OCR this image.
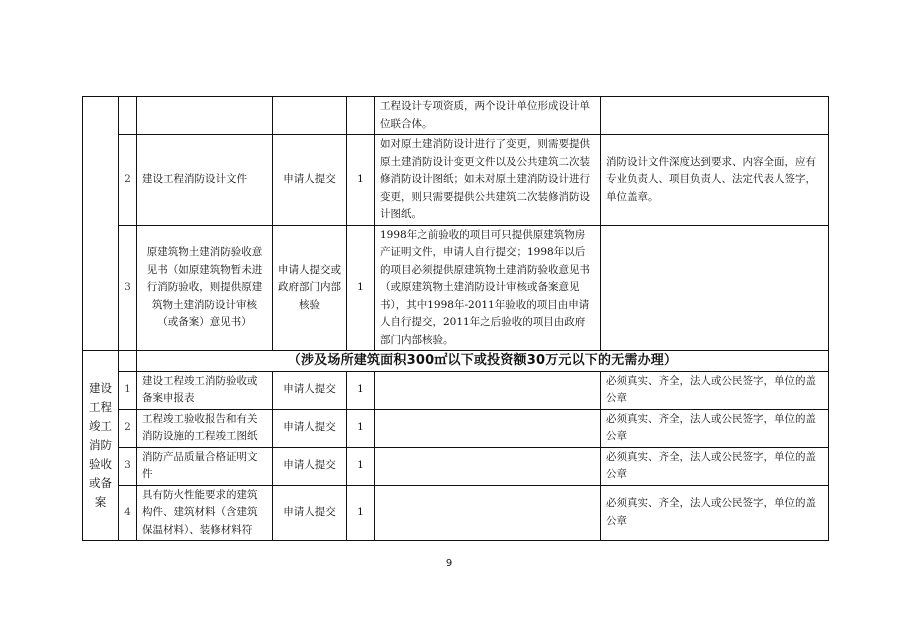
					工程设计专项资质，两个设计单位形成设计单位联合体。	
	2	建设工程消防设计文件	申请人提交	1	如对原土建消防设计进行了变更，则需要提供原土建消防设计变更文件以及公共建筑二次装修消防设计图纸；如未对原土建消防设计进行变更，则只需要提供公共建筑二次装修消防设计图纸。	消防设计文件深度达到要求、内容全面，应有专业负责人、项目负责人、法定代表人签字，单位盖章。
	3	原建筑物土建消防验收意见书（如原建筑物暂未进行消防验收，则提供原建筑物土建消防设计审核（或备案）意见书）	申请人提交或政府部门内部核验	1	1998年之前验收的项目可只提供原建筑物房产证明文件，申请人自行提交；1998年以后的项目必须提供原建筑物土建消防验收意见书（或原建筑物土建消防设计审核或备案意见书），其中1998年-2011年验收的项目由申请人自行提交，2011年之后验收的项目由政府部门内部核验。	
建设工程竣工消防验收或备案		（涉及场所建筑面积300㎡以下或投资额30万元以下的无需办理）				
	1	建设工程竣工消防验收或备案申报表	申请人提交	1		必须真实、齐全，法人或公民签字，单位的盖公章
	2	工程竣工验收报告和有关消防设施的工程竣工图纸	申请人提交	1		必须真实、齐全，法人或公民签字，单位的盖公章
	3	消防产品质量合格证明文件	申请人提交	1		必须真实、齐全，法人或公民签字，单位的盖公章
	4	具有防火性能要求的建筑构件、建筑材料（含建筑保温材料）、装修材料符	申请人提交	1		必须真实、齐全，法人或公民签字，单位的盖公章
9
